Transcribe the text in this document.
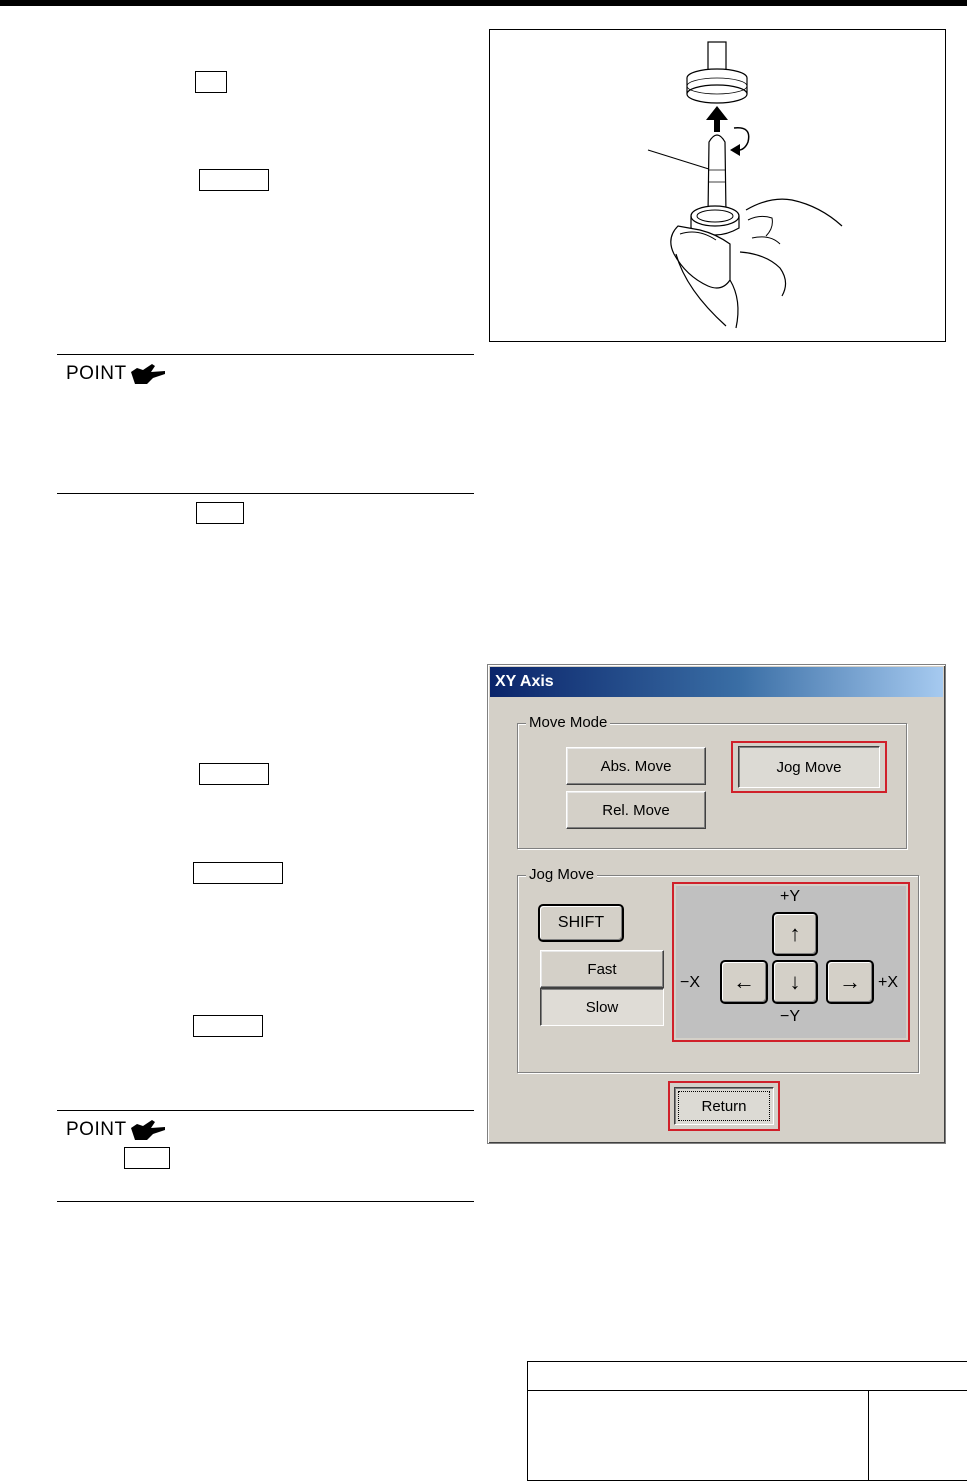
POINT
POINT
XY Axis
Move Mode
Abs. Move
Rel. Move
Jog Move
Jog Move
SHIFT
Fast
Slow
+Y
↑
−X ← ↓ → +X
−Y
Return
